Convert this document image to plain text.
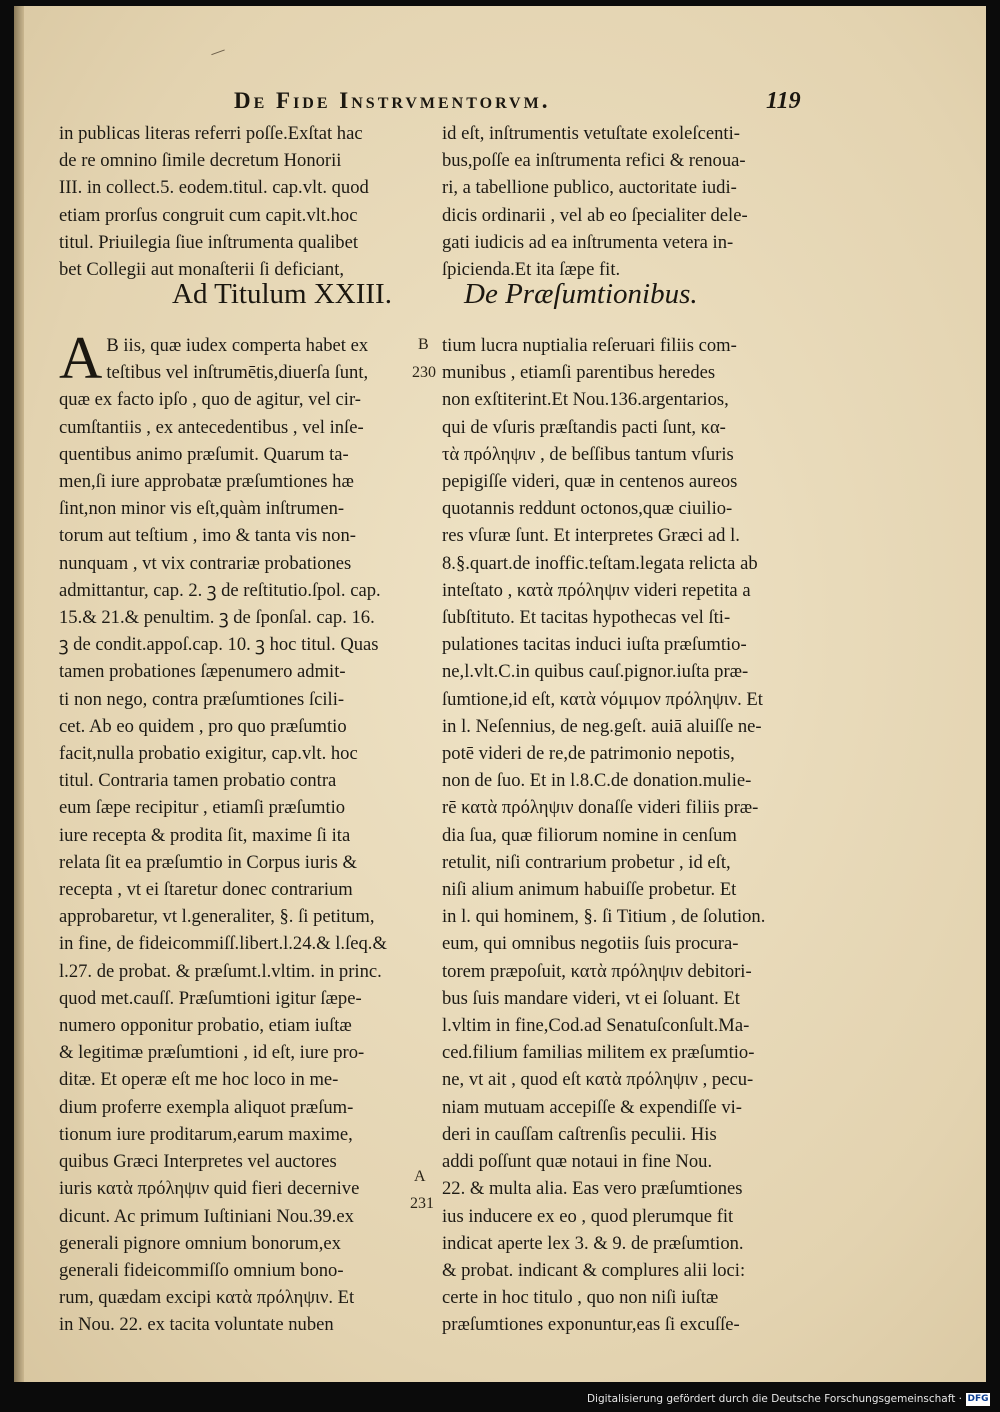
De Fide Instrvmentorvm.	119
in publicas literas referri poſſe.Exſtat hac
de re omnino ſimile decretum Honorii
III. in collect.5. eodem.titul. cap.vlt. quod
etiam prorſus congruit cum capit.vlt.hoc
titul. Priuilegia ſiue inſtrumenta qualibet
bet Collegii aut monaſterii ſi deficiant,
id eſt, inſtrumentis vetuſtate exoleſcenti-
bus,poſſe ea inſtrumenta refici & renoua-
ri, a tabellione publico, auctoritate iudi-
dicis ordinarii , vel ab eo ſpecialiter dele-
gati iudicis ad ea inſtrumenta vetera in-
ſpicienda.Et ita ſæpe fit.
Ad Titulum XXIII. De Præſumtionibus.
A B iis, quæ iudex comperta habet ex
teſtibus vel inſtrumētis,diuerſa ſunt,
quæ ex facto ipſo , quo de agitur, vel cir-
cumſtantiis , ex antecedentibus , vel inſe-
quentibus animo præſumit. Quarum ta-
men,ſi iure approbatæ præſumtiones hæ
ſint,non minor vis eſt,quàm inſtrumen-
torum aut teſtium , imo & tanta vis non-
nunquam , vt vix contrariæ probationes
admittantur, cap. 2. ꝫ de reſtitutio.ſpol. cap.
15.& 21.& penultim. ꝫ de ſponſal. cap. 16.
ꝫ de condit.appoſ.cap. 10. ꝫ hoc titul. Quas
tamen probationes ſæpenumero admit-
ti non nego, contra præſumtiones ſcili-
cet. Ab eo quidem , pro quo præſumtio
facit,nulla probatio exigitur, cap.vlt. hoc
titul. Contraria tamen probatio contra
eum ſæpe recipitur , etiamſi præſumtio
iure recepta & prodita ſit, maxime ſi ita
relata ſit ea præſumtio in Corpus iuris &
recepta , vt ei ſtaretur donec contrarium
approbaretur, vt l.generaliter, §. ſi petitum,
in fine, de fideicommiſſ.libert.l.24.& l.ſeq.&
l.27. de probat. & præſumt.l.vltim. in princ.
quod met.cauſſ. Præſumtioni igitur ſæpe-
numero opponitur probatio, etiam iuſtæ
& legitimæ præſumtioni , id eſt, iure pro-
ditæ. Et operæ eſt me hoc loco in me-
dium proferre exempla aliquot præſum-
tionum iure proditarum,earum maxime,
quibus Græci Interpretes vel auctores
iuris κατὰ πρόληψιν quid fieri decernive
dicunt. Ac primum Iuſtiniani Nou.39.ex
generali pignore omnium bonorum,ex
generali fideicommiſſo omnium bono-
rum, quædam excipi κατὰ πρόληψιν. Et
in Nou. 22. ex tacita voluntate nuben
tium lucra nuptialia reſeruari filiis com-
munibus , etiamſi parentibus heredes
non exſtiterint.Et Nou.136.argentarios,
qui de vſuris præſtandis pacti ſunt, κα-
τὰ πρόληψιν , de beſſibus tantum vſuris
pepigiſſe videri, quæ in centenos aureos
quotannis reddunt octonos,quæ ciuilio-
res vſuræ ſunt. Et interpretes Græci ad l.
8.§.quart.de inoffic.teſtam.legata relicta ab
inteſtato , κατὰ πρόληψιν videri repetita a
ſubſtituto. Et tacitas hypothecas vel ſti-
pulationes tacitas induci iuſta præſumtio-
ne,l.vlt.C.in quibus cauſ.pignor.iuſta præ-
ſumtione,id eſt, κατὰ νόμιμον πρόληψιν. Et
in l. Neſennius, de neg.geſt. auiā aluiſſe ne-
potē videri de re,de patrimonio nepotis,
non de ſuo. Et in l.8.C.de donation.mulie-
rē κατὰ πρόληψιν donaſſe videri filiis præ-
dia ſua, quæ filiorum nomine in cenſum
retulit, niſi contrarium probetur , id eſt,
niſi alium animum habuiſſe probetur. Et
in l. qui hominem, §. ſi Titium , de ſolution.
eum, qui omnibus negotiis ſuis procura-
torem præpoſuit, κατὰ πρόληψιν debitori-
bus ſuis mandare videri, vt ei ſoluant. Et
l.vltim in fine,Cod.ad Senatuſconſult.Ma-
ced.filium familias militem ex præſumtio-
ne, vt ait , quod eſt κατὰ πρόληψιν , pecu-
niam mutuam accepiſſe & expendiſſe vi-
deri in cauſſam caſtrenſis peculii. His
addi poſſunt quæ notaui in fine Nou.
22. & multa alia. Eas vero præſumtiones
ius inducere ex eo , quod plerumque fit
indicat aperte lex 3. & 9. de præſumtion.
& probat. indicant & complures alii loci:
certe in hoc titulo , quo non niſi iuſtæ
præſumtiones exponuntur,eas ſi excuſſe-
B
230
A
231
Digitalisierung gefördert durch die Deutsche Forschungsgemeinschaft · DFG
